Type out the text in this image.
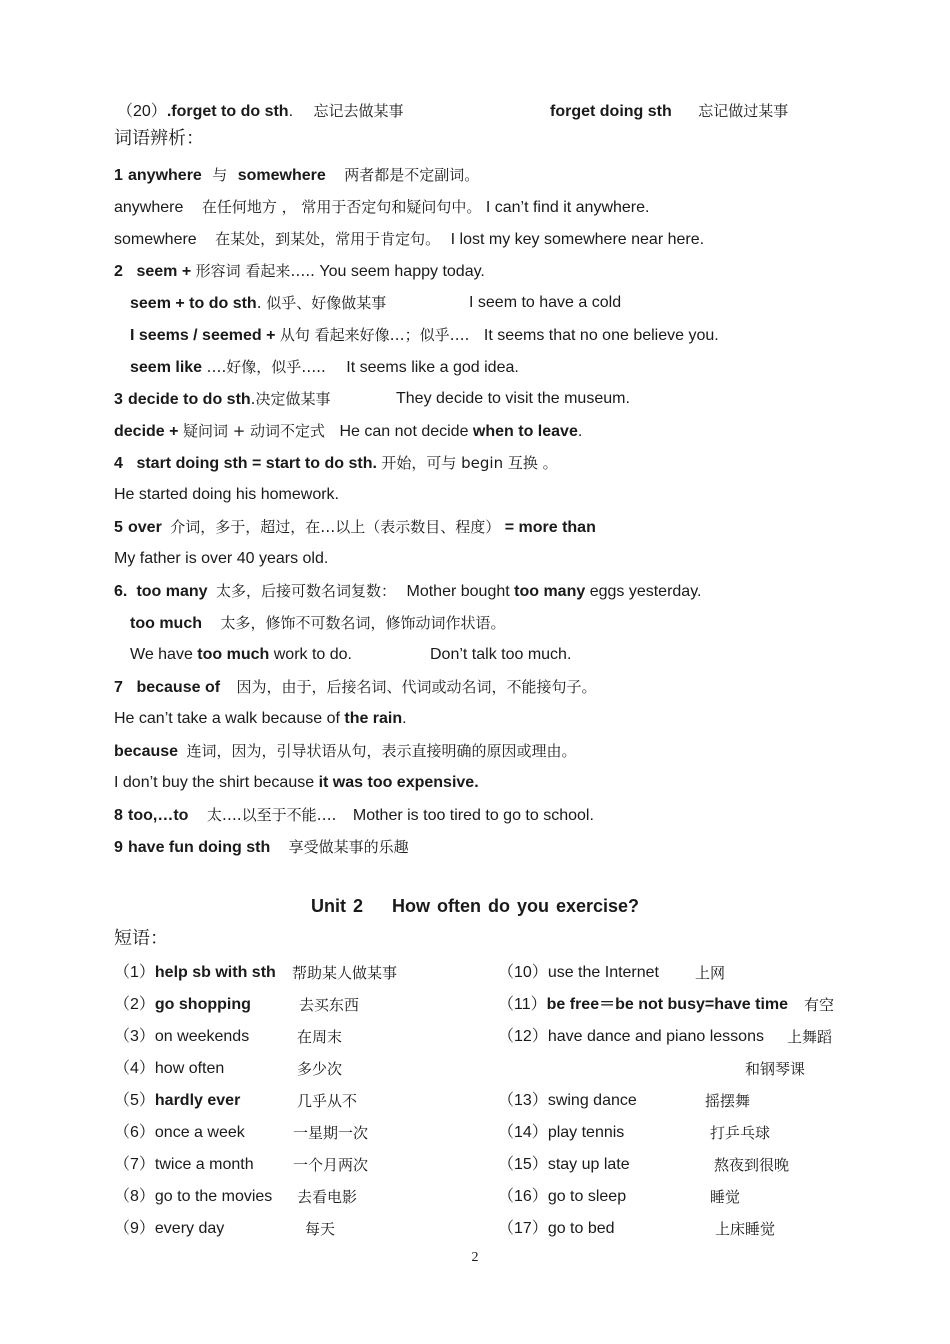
（20）.forget to do sth. 忘记去做某事	forget doing sth 忘记做过某事
词语辨析：
1 anywhere 与 somewhere 两者都是不定副词。
anywhere 在任何地方 ， 常用于否定句和疑问句中。 I can’t find it anywhere.
somewhere 在某处，到某处，常用于肯定句。 I lost my key somewhere near here.
2 seem + 形容词 看起来….. You seem happy today.
seem + to do sth. 似乎、好像做某事	I seem to have a cold
I seems / seemed + 从句 看起来好像…；似乎…. It seems that no one believe you.
seem like ….好像，似乎….. It seems like a god idea.
3 decide to do sth.决定做某事	They decide to visit the museum.
decide + 疑问词 + 动词不定式 He can not decide when to leave.
4 start doing sth = start to do sth. 开始，可与 begin 互换 。
He started doing his homework.
5 over 介词，多于，超过，在…以上（表示数目、程度） = more than
My father is over 40 years old.
6. too many 太多，后接可数名词复数： Mother bought too many eggs yesterday.
too much 太多，修饰不可数名词，修饰动词作状语。
We have too much work to do.	Don’t talk too much.
7 because of 因为，由于，后接名词、代词或动名词，不能接句子。
He can’t take a walk because of the rain.
because 连词，因为，引导状语从句，表示直接明确的原因或理由。
I don’t buy the shirt because it was too expensive.
8 too,…to 太….以至于不能…. Mother is too tired to go to school.
9 have fun doing sth 享受做某事的乐趣
Unit 2 How often do you exercise?
短语：
（1）help sb with sth 帮助某人做某事
（2）go shopping	去买东西
（3）on weekends	在周末
（4）how often	多少次
（5）hardly ever	几乎从不
（6）once a week	一星期一次
（7）twice a month	一个月两次
（8）go to the movies 去看电影
（9）every day	每天
（10）use the Internet 上网
（11）be free＝be not busy=have time 有空
（12）have dance and piano lessons 上舞蹈
和钢琴课
（13）swing dance	摇摆舞
（14）play tennis	打乒乓球
（15）stay up late	熬夜到很晚
（16）go to sleep	睡觉
（17）go to bed	上床睡觉
2
